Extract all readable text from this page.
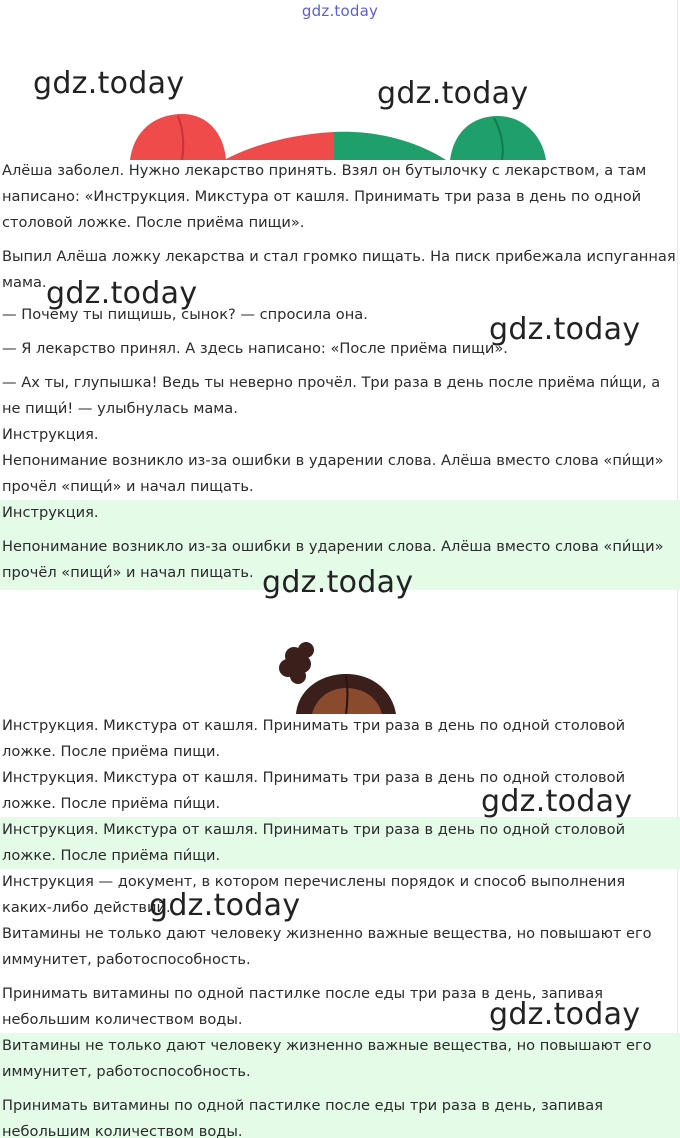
gdz.today
gdz.today	gdz.today
gdz.today
gdz.today
gdz.today
gdz.today
gdz.today
gdz.today

Алёша заболел. Нужно лекарство принять. Взял он бутылочку с лекарством, а там написано: «Инструкция. Микстура от кашля. Принимать три раза в день по одной столовой ложке. После приёма пищи».

Выпил Алёша ложку лекарства и стал громко пищать. На писк прибежала испуганная мама.

— Почему ты пищишь, сынок? — спросила она.

— Я лекарство принял. А здесь написано: «После приёма пищи».

— Ах ты, глупышка! Ведь ты неверно прочёл. Три раза в день после приёма пи́щи, а не пищи́! — улыбнулась мама.

Инструкция.

Непонимание возникло из-за ошибки в ударении слова. Алёша вместо слова «пи́щи» прочёл «пищи́» и начал пищать.

Инструкция.

Непонимание возникло из-за ошибки в ударении слова. Алёша вместо слова «пи́щи» прочёл «пищи́» и начал пищать.

Инструкция. Микстура от кашля. Принимать три раза в день по одной столовой ложке. После приёма пищи.

Инструкция. Микстура от кашля. Принимать три раза в день по одной столовой ложке. После приёма пи́щи.

Инструкция. Микстура от кашля. Принимать три раза в день по одной столовой ложке. После приёма пи́щи.

Инструкция — документ, в котором перечислены порядок и способ выполнения каких-либо действий.

Витамины не только дают человеку жизненно важные вещества, но повышают его иммунитет, работоспособность.

Принимать витамины по одной пастилке после еды три раза в день, запивая небольшим количеством воды.

Витамины не только дают человеку жизненно важные вещества, но повышают его иммунитет, работоспособность.

Принимать витамины по одной пастилке после еды три раза в день, запивая небольшим количеством воды.
